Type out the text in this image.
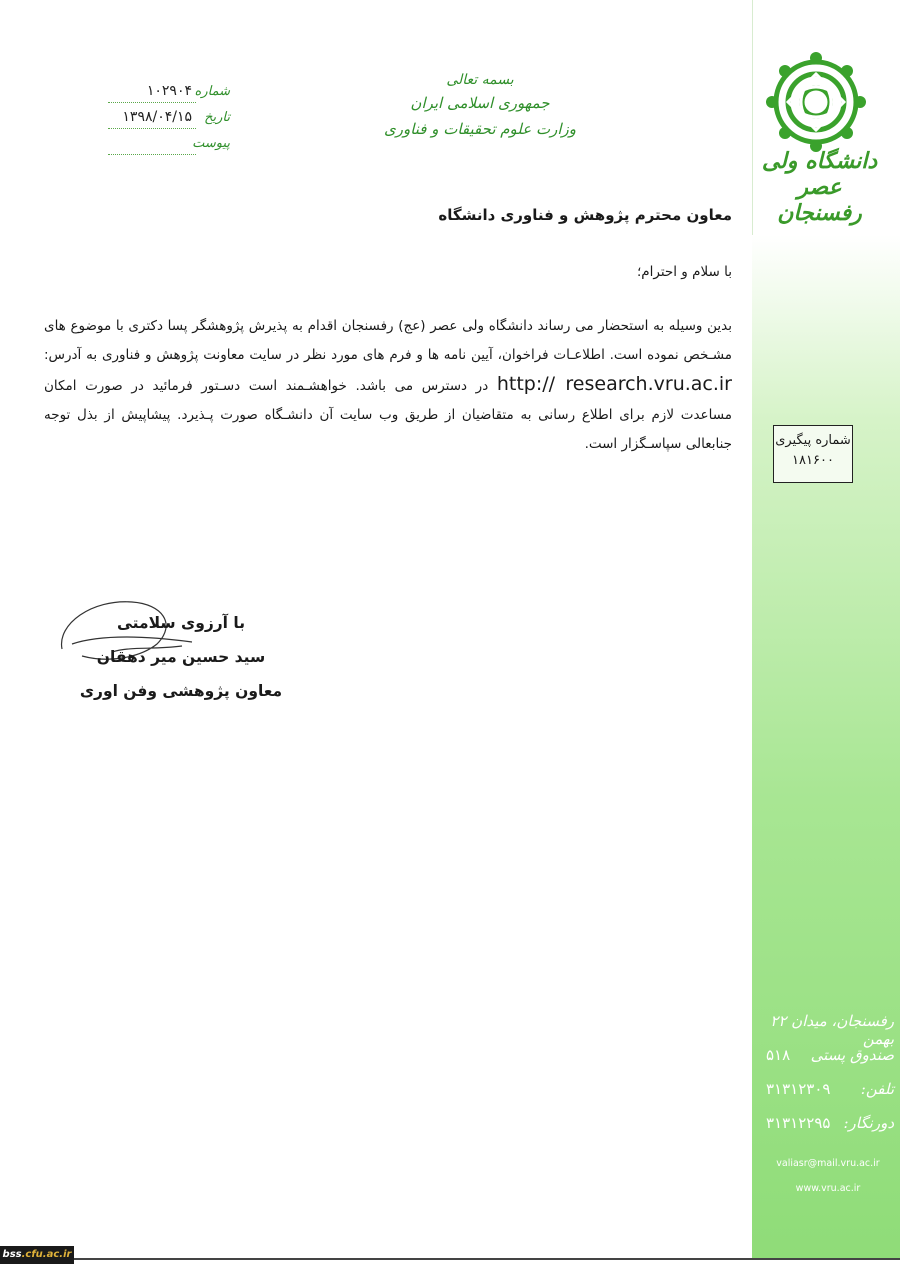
دانشگاه ولی عصر رفسنجان
بسمه تعالی
جمهوری اسلامی ایران
وزارت علوم تحقیقات و فناوری
شماره
۱۰۲۹۰۴
تاریخ
۱۳۹۸/۰۴/۱۵
پیوست
معاون محترم پژوهش و فناوری دانشگاه
با سلام و احترام؛
بدین وسیله به استحضار می رساند دانشگاه ولی عصر (عج) رفسنجان اقدام به پذیرش پژوهشگر پسا دکتری با موضوع های مشـخص نموده است. اطلاعـات فراخوان، آیین نامه ها و فرم های مورد نظر در سایت معاونت پژوهش و فناوری به آدرس: http:// research.vru.ac.ir در دسترس می باشد. خواهشـمند است دسـتور فرمائید در صورت امکان مساعدت لازم برای اطلاع رسانی به متقاضیان از طریق وب سایت آن دانشـگاه صورت پـذیرد. پیشاپیش از بذل توجه جنابعالی سپاسـگزار است.	شماره پیگیری
۱۸۱۶۰۰
با آرزوی سلامتی
سید حسین میر دهقان
معاون پژوهشی وفن اوری
رفسنجان، میدان ۲۲ بهمن
صندوق پستی
۵۱۸
تلفن:
۳۱۳۱۲۳۰۹
دورنگار:
۳۱۳۱۲۲۹۵
valiasr@mail.vru.ac.ir
www.vru.ac.ir
bss.cfu.ac.ir
